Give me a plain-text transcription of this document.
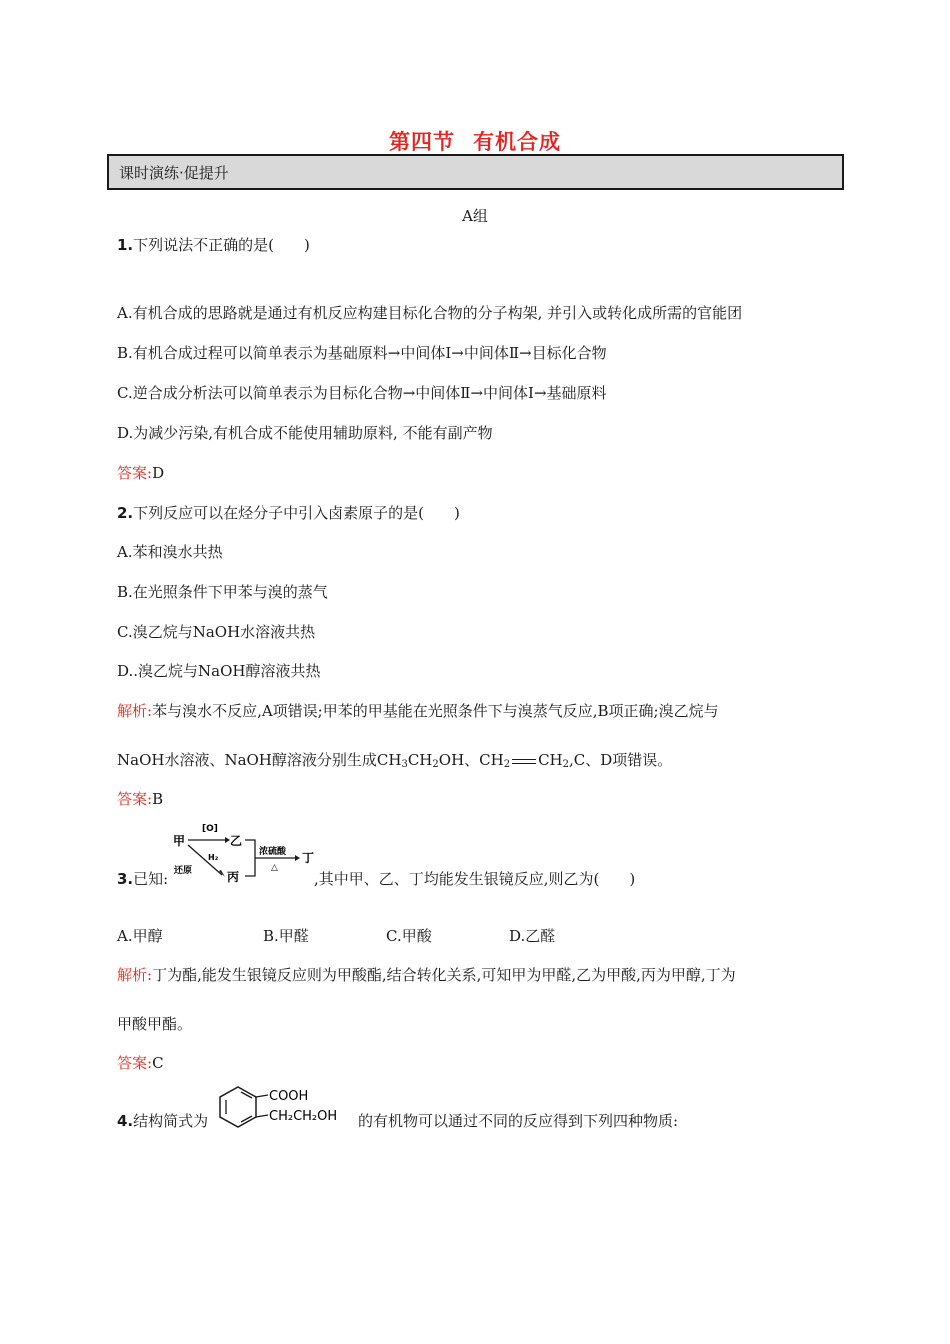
第四节 有机合成
课时演练·促提升
A组
1.下列说法不正确的是(　　)
A.有机合成的思路就是通过有机反应构建目标化合物的分子构架, 并引入或转化成所需的官能团
B.有机合成过程可以简单表示为基础原料→中间体Ⅰ→中间体Ⅱ→目标化合物
C.逆合成分析法可以简单表示为目标化合物→中间体Ⅱ→中间体Ⅰ→基础原料
D.为减少污染,有机合成不能使用辅助原料, 不能有副产物
答案:D
2.下列反应可以在烃分子中引入卤素原子的是(　　)
A.苯和溴水共热
B.在光照条件下甲苯与溴的蒸气
C.溴乙烷与NaOH水溶液共热
D..溴乙烷与NaOH醇溶液共热
解析:苯与溴水不反应,A项错误;甲苯的甲基能在光照条件下与溴蒸气反应,B项正确;溴乙烷与
NaOH水溶液、NaOH醇溶液分别生成$CH_3CH_2OH$、$CH_2$ $CH_2,C$、D项错误。
答案:B
3.已知:
甲
[O]
乙
H₂
还原	丙
浓硫酸
△
丁
,其中甲、乙、丁均能发生银镜反应,则乙为(　　)
A.甲醇	B.甲醛	C.甲酸	D.乙醛
解析:丁为酯,能发生银镜反应则为甲酸酯,结合转化关系,可知甲为甲醛,乙为甲酸,丙为甲醇,丁为
甲酸甲酯。
答案:C
4.结构简式为
COOH
CH₂CH₂OH 的有机物可以通过不同的反应得到下列四种物质:
